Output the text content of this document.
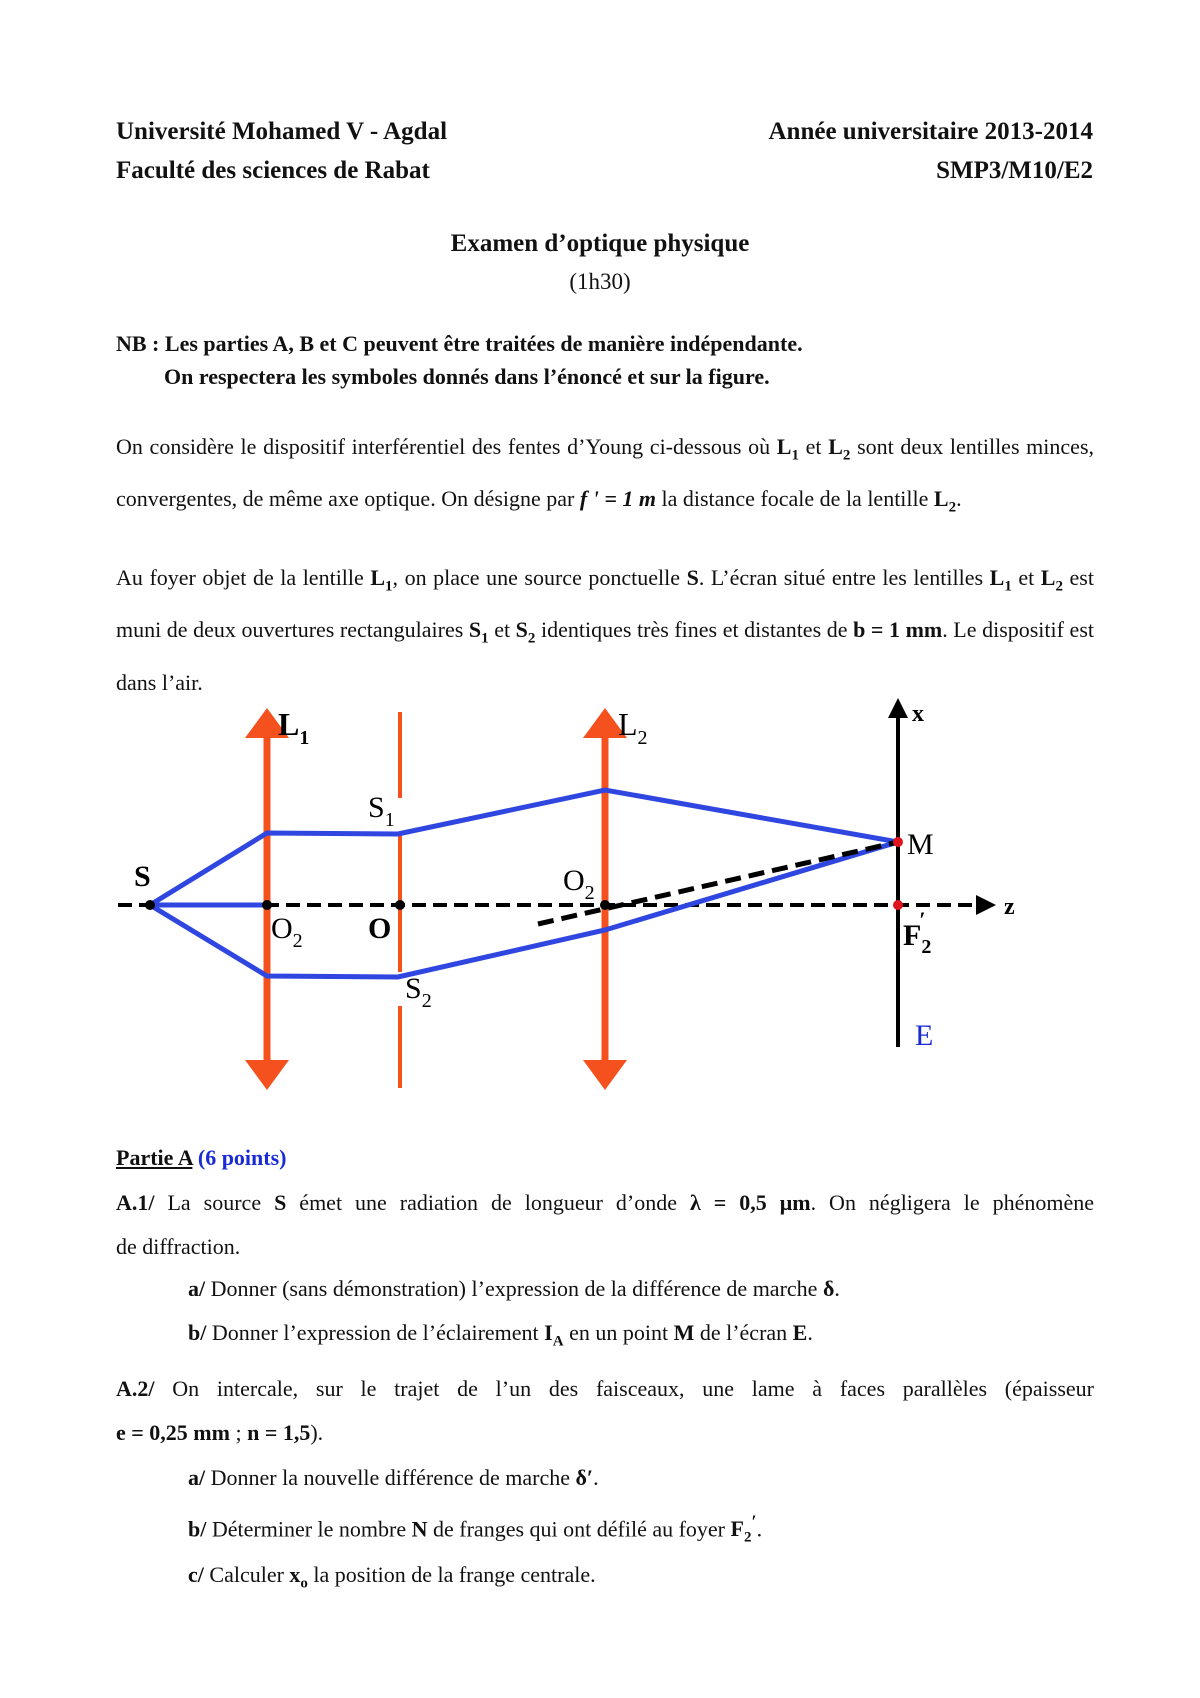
Université Mohamed V - Agdal
Faculté des sciences de Rabat
Année universitaire 2013-2014
SMP3/M10/E2
Examen d’optique physique
(1h30)
NB : Les parties A, B et C peuvent être traitées de manière indépendante.
On respectera les symboles donnés dans l’énoncé et sur la figure.
On considère le dispositif interférentiel des fentes d’Young ci-dessous où $L_1$ et $L_2$ sont deux lentilles minces, convergentes, de même axe optique. On désigne par f ' = 1 m la distance focale de la lentille $L_2$.
Au foyer objet de la lentille $L_1$, on place une source ponctuelle S. L’écran situé entre les lentilles $L_1$ et $L_2$ est muni de deux ouvertures rectangulaires $S_1$ et $S_2$ identiques très fines et distantes de b = 1 mm. Le dispositif est dans l’air.
$L_1$	$L_2$
$S_1$
$S_2$
S
$O_2$ O
$O_2$
M
x
z
$F_2'$
E
Partie A (6 points)
A.1/ La source S émet une radiation de longueur d’onde λ = 0,5 μm. On négligera le phénomène
de diffraction.
a/ Donner (sans démonstration) l’expression de la différence de marche δ.
b/ Donner l’expression de l’éclairement $I_A$ en un point M de l’écran E.
A.2/ On intercale, sur le trajet de l’un des faisceaux, une lame à faces parallèles (épaisseur
e = 0,25 mm ; n = 1,5).
a/ Donner la nouvelle différence de marche δ′.
b/ Déterminer le nombre N de franges qui ont défilé au foyer $F_2'$.
c/ Calculer $x_o$ la position de la frange centrale.
